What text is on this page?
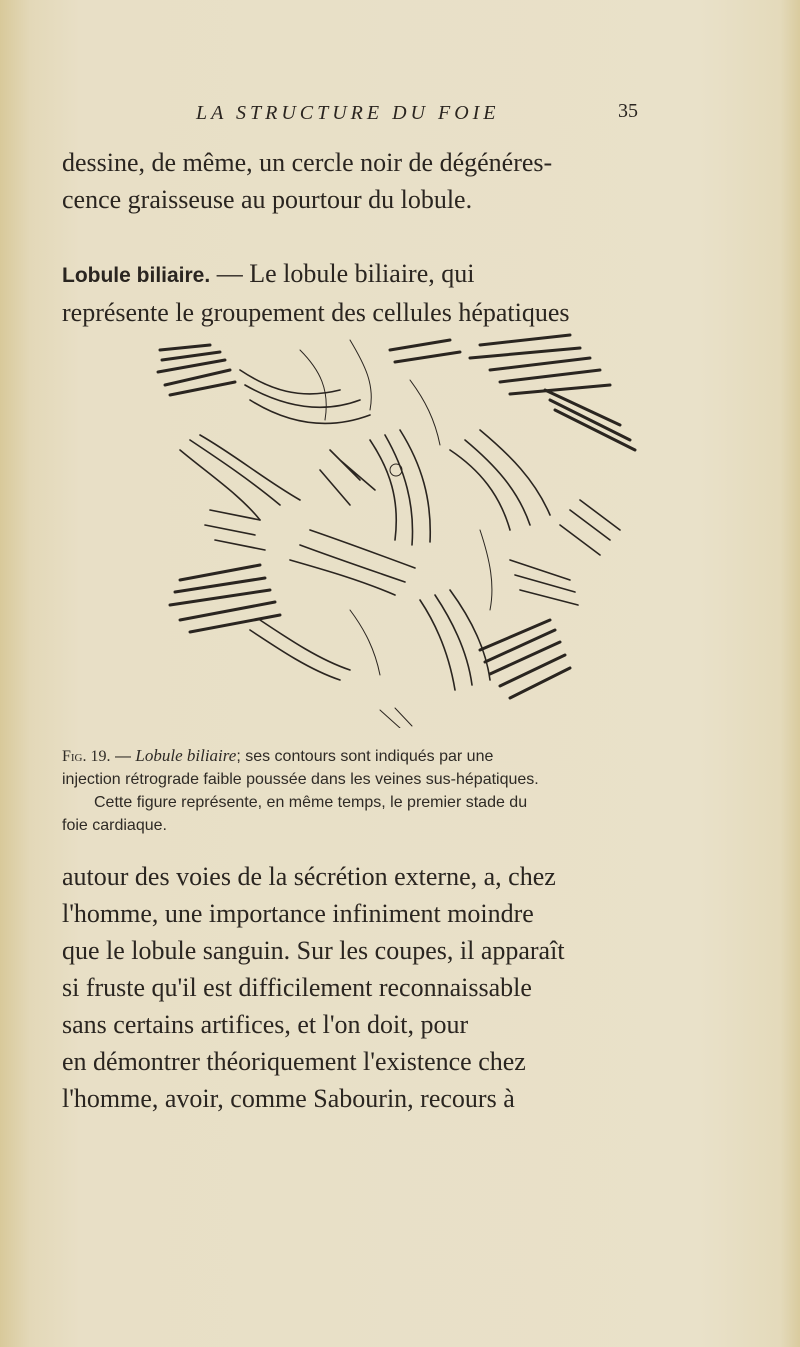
LA STRUCTURE DU FOIE	35
dessine, de même, un cercle noir de dégénéres-
cence graisseuse au pourtour du lobule.
Lobule biliaire. — Le lobule biliaire, qui
représente le groupement des cellules hépatiques
Fig. 19. — Lobule biliaire; ses contours sont indiqués par une
injection rétrograde faible poussée dans les veines sus-hépatiques.
Cette figure représente, en même temps, le premier stade du
foie cardiaque.
autour des voies de la sécrétion externe, a, chez
l'homme, une importance infiniment moindre
que le lobule sanguin. Sur les coupes, il apparaît
si fruste qu'il est difficilement reconnaissable
sans certains artifices, et l'on doit, pour
en démontrer théoriquement l'existence chez
l'homme, avoir, comme Sabourin, recours à
